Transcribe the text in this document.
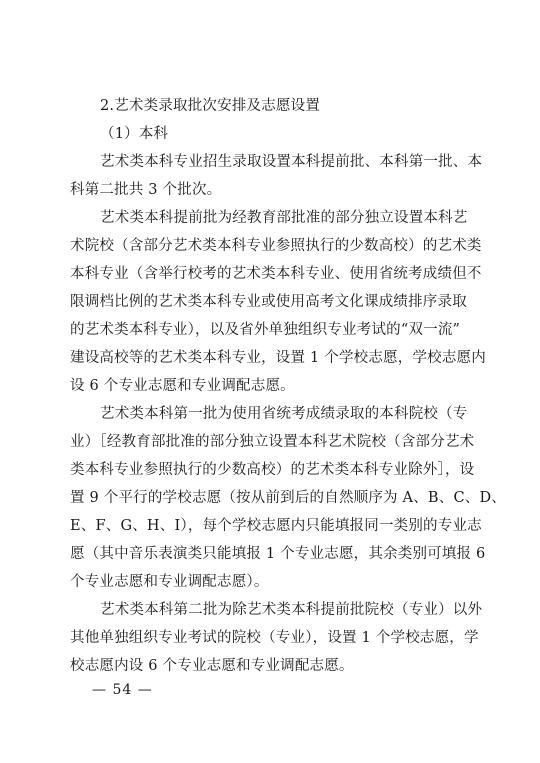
2.艺术类录取批次安排及志愿设置
（1）本科
艺术类本科专业招生录取设置本科提前批、本科第一批、本
科第二批共 3 个批次。
艺术类本科提前批为经教育部批准的部分独立设置本科艺
术院校（含部分艺术类本科专业参照执行的少数高校）的艺术类
本科专业（含举行校考的艺术类本科专业、使用省统考成绩但不
限调档比例的艺术类本科专业或使用高考文化课成绩排序录取
的艺术类本科专业），以及省外单独组织专业考试的“双一流”
建设高校等的艺术类本科专业，设置 1 个学校志愿，学校志愿内
设 6 个专业志愿和专业调配志愿。
艺术类本科第一批为使用省统考成绩录取的本科院校（专
业）［经教育部批准的部分独立设置本科艺术院校（含部分艺术
类本科专业参照执行的少数高校）的艺术类本科专业除外］，设
置 9 个平行的学校志愿（按从前到后的自然顺序为 A、B、C、D、
E、F、G、H、I），每个学校志愿内只能填报同一类别的专业志
愿（其中音乐表演类只能填报 1 个专业志愿，其余类别可填报 6
个专业志愿和专业调配志愿）。
艺术类本科第二批为除艺术类本科提前批院校（专业）以外
其他单独组织专业考试的院校（专业），设置 1 个学校志愿，学
校志愿内设 6 个专业志愿和专业调配志愿。
— 54 —
